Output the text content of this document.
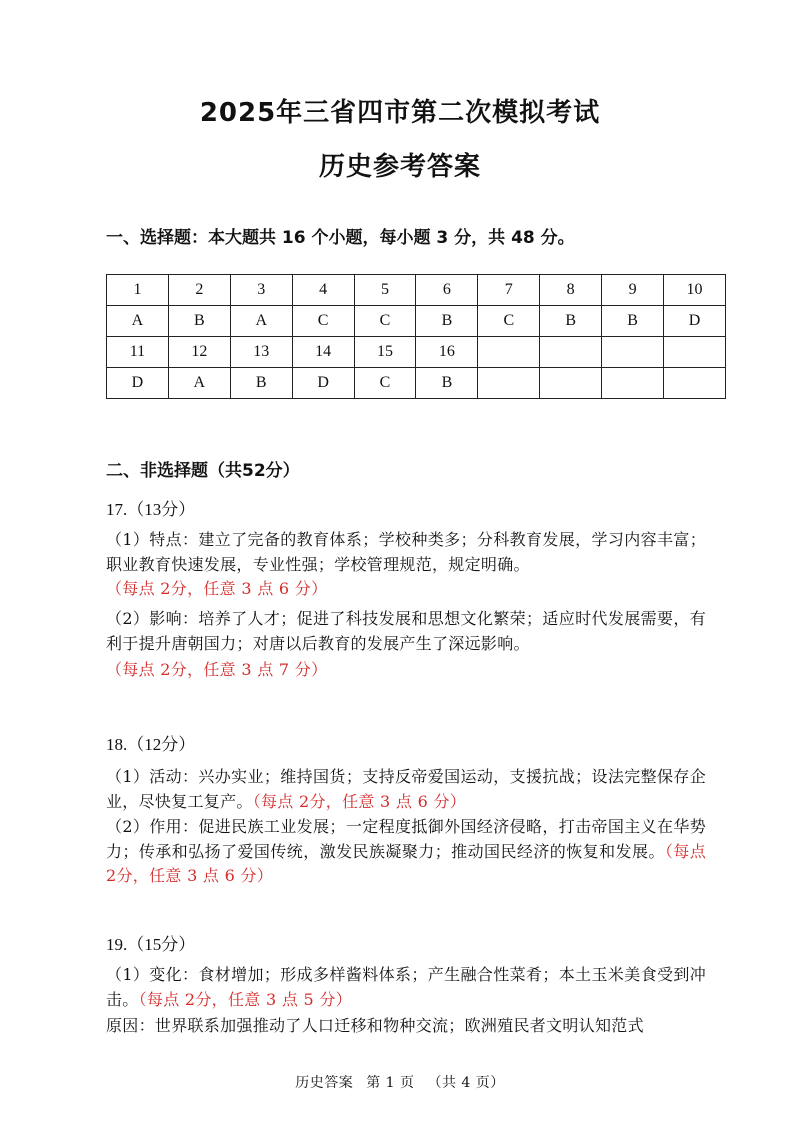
2025年三省四市第二次模拟考试
历史参考答案
一、选择题：本大题共 16 个小题，每小题 3 分，共 48 分。
1	2	3	4	5	6	7	8	9	10
A	B	A	C	C	B	C	B	B	D
11	12	13	14	15	16				
D	A	B	D	C	B				
二、非选择题（共52分）
17.（13分）
（1）特点：建立了完备的教育体系；学校种类多；分科教育发展，学习内容丰富；职业教育快速发展，专业性强；学校管理规范，规定明确。
（每点 2分，任意 3 点 6 分）
（2）影响：培养了人才；促进了科技发展和思想文化繁荣；适应时代发展需要，有利于提升唐朝国力；对唐以后教育的发展产生了深远影响。
（每点 2分，任意 3 点 7 分）
18.（12分）
（1）活动：兴办实业；维持国货；支持反帝爱国运动，支援抗战；设法完整保存企业，尽快复工复产。（每点 2分，任意 3 点 6 分）
（2）作用：促进民族工业发展；一定程度抵御外国经济侵略，打击帝国主义在华势力；传承和弘扬了爱国传统，激发民族凝聚力；推动国民经济的恢复和发展。（每点 2分，任意 3 点 6 分）
19.（15分）
（1）变化：食材增加；形成多样酱料体系；产生融合性菜肴；本土玉米美食受到冲击。（每点 2分，任意 3 点 5 分）
原因：世界联系加强推动了人口迁移和物种交流；欧洲殖民者文明认知范式
历史答案 第 1 页 （共 4 页）
